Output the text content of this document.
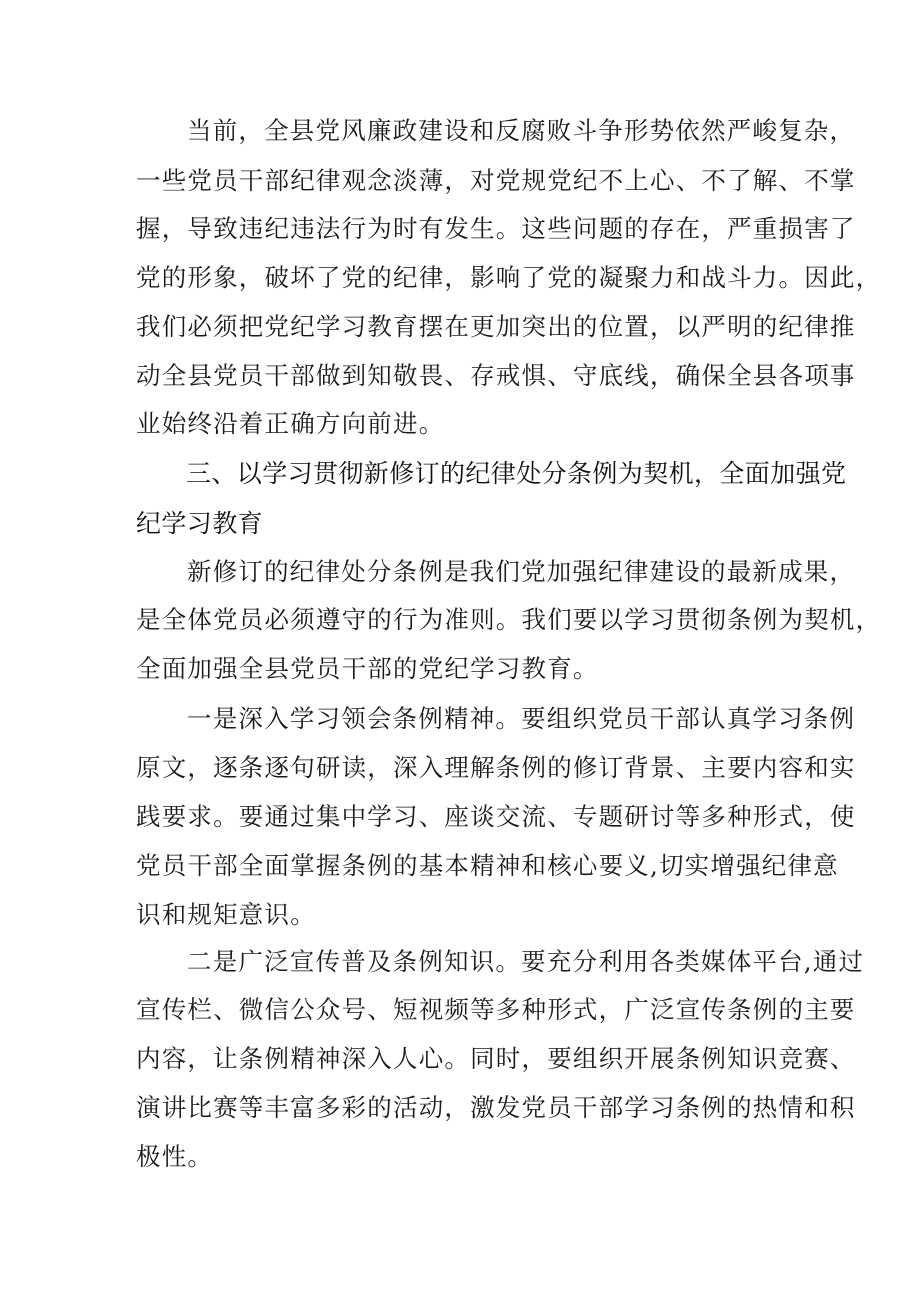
当前，全县党风廉政建设和反腐败斗争形势依然严峻复杂，
一些党员干部纪律观念淡薄，对党规党纪不上心、不了解、不掌
握，导致违纪违法行为时有发生。这些问题的存在，严重损害了
党的形象，破坏了党的纪律，影响了党的凝聚力和战斗力。因此，
我们必须把党纪学习教育摆在更加突出的位置，以严明的纪律推
动全县党员干部做到知敬畏、存戒惧、守底线，确保全县各项事
业始终沿着正确方向前进。
三、以学习贯彻新修订的纪律处分条例为契机，全面加强党
纪学习教育
新修订的纪律处分条例是我们党加强纪律建设的最新成果，
是全体党员必须遵守的行为准则。我们要以学习贯彻条例为契机，
全面加强全县党员干部的党纪学习教育。
一是深入学习领会条例精神。要组织党员干部认真学习条例
原文，逐条逐句研读，深入理解条例的修订背景、主要内容和实
践要求。要通过集中学习、座谈交流、专题研讨等多种形式，使
党员干部全面掌握条例的基本精神和核心要义,切实增强纪律意
识和规矩意识。
二是广泛宣传普及条例知识。要充分利用各类媒体平台,通过
宣传栏、微信公众号、短视频等多种形式，广泛宣传条例的主要
内容，让条例精神深入人心。同时，要组织开展条例知识竞赛、
演讲比赛等丰富多彩的活动，激发党员干部学习条例的热情和积
极性。
